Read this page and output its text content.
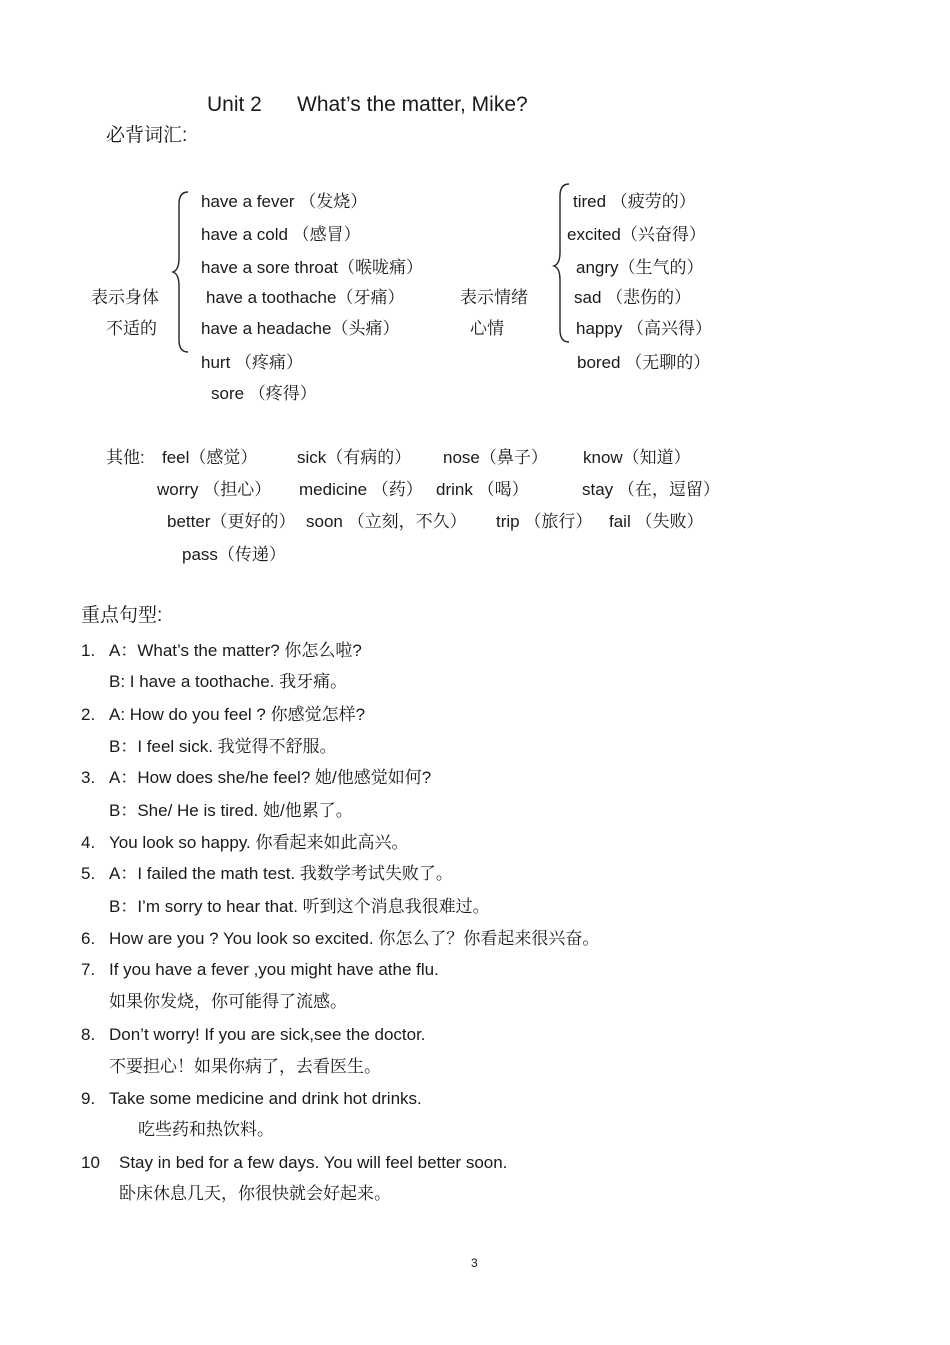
Unit 2 What’s the matter, Mike?
必背词汇:
表示身体
不适的
have a fever （发烧）
have a cold （感冒）
have a sore throat（喉咙痛）
have a toothache（牙痛）
have a headache（头痛）
hurt （疼痛）
sore （疼得）
表示情绪
心情
tired （疲劳的）
excited（兴奋得）
angry（生气的）
sad （悲伤的）
happy （高兴得）
bored （无聊的）
其他: feel（感觉） sick（有病的） nose（鼻子） know（知道）
worry （担心） medicine （药） drink （喝）	stay （在，逗留）
better（更好的） soon （立刻，不久） trip （旅行） fail （失败）
pass（传递）
重点句型:
1. A：What’s the matter? 你怎么啦?
B: I have a toothache. 我牙痛。
2. A: How do you feel ? 你感觉怎样?
B：I feel sick. 我觉得不舒服。
3. A：How does she/he feel? 她/他感觉如何?
B：She/ He is tired. 她/他累了。
4. You look so happy. 你看起来如此高兴。
5. A：I failed the math test. 我数学考试失败了。
B：I’m sorry to hear that. 听到这个消息我很难过。
6. How are you ? You look so excited. 你怎么了？你看起来很兴奋。
7. If you have a fever ,you might have athe flu.
如果你发烧，你可能得了流感。
8. Don’t worry! If you are sick,see the doctor.
不要担心！如果你病了，去看医生。
9. Take some medicine and drink hot drinks.
吃些药和热饮料。
10 Stay in bed for a few days. You will feel better soon.
卧床休息几天，你很快就会好起来。
3
